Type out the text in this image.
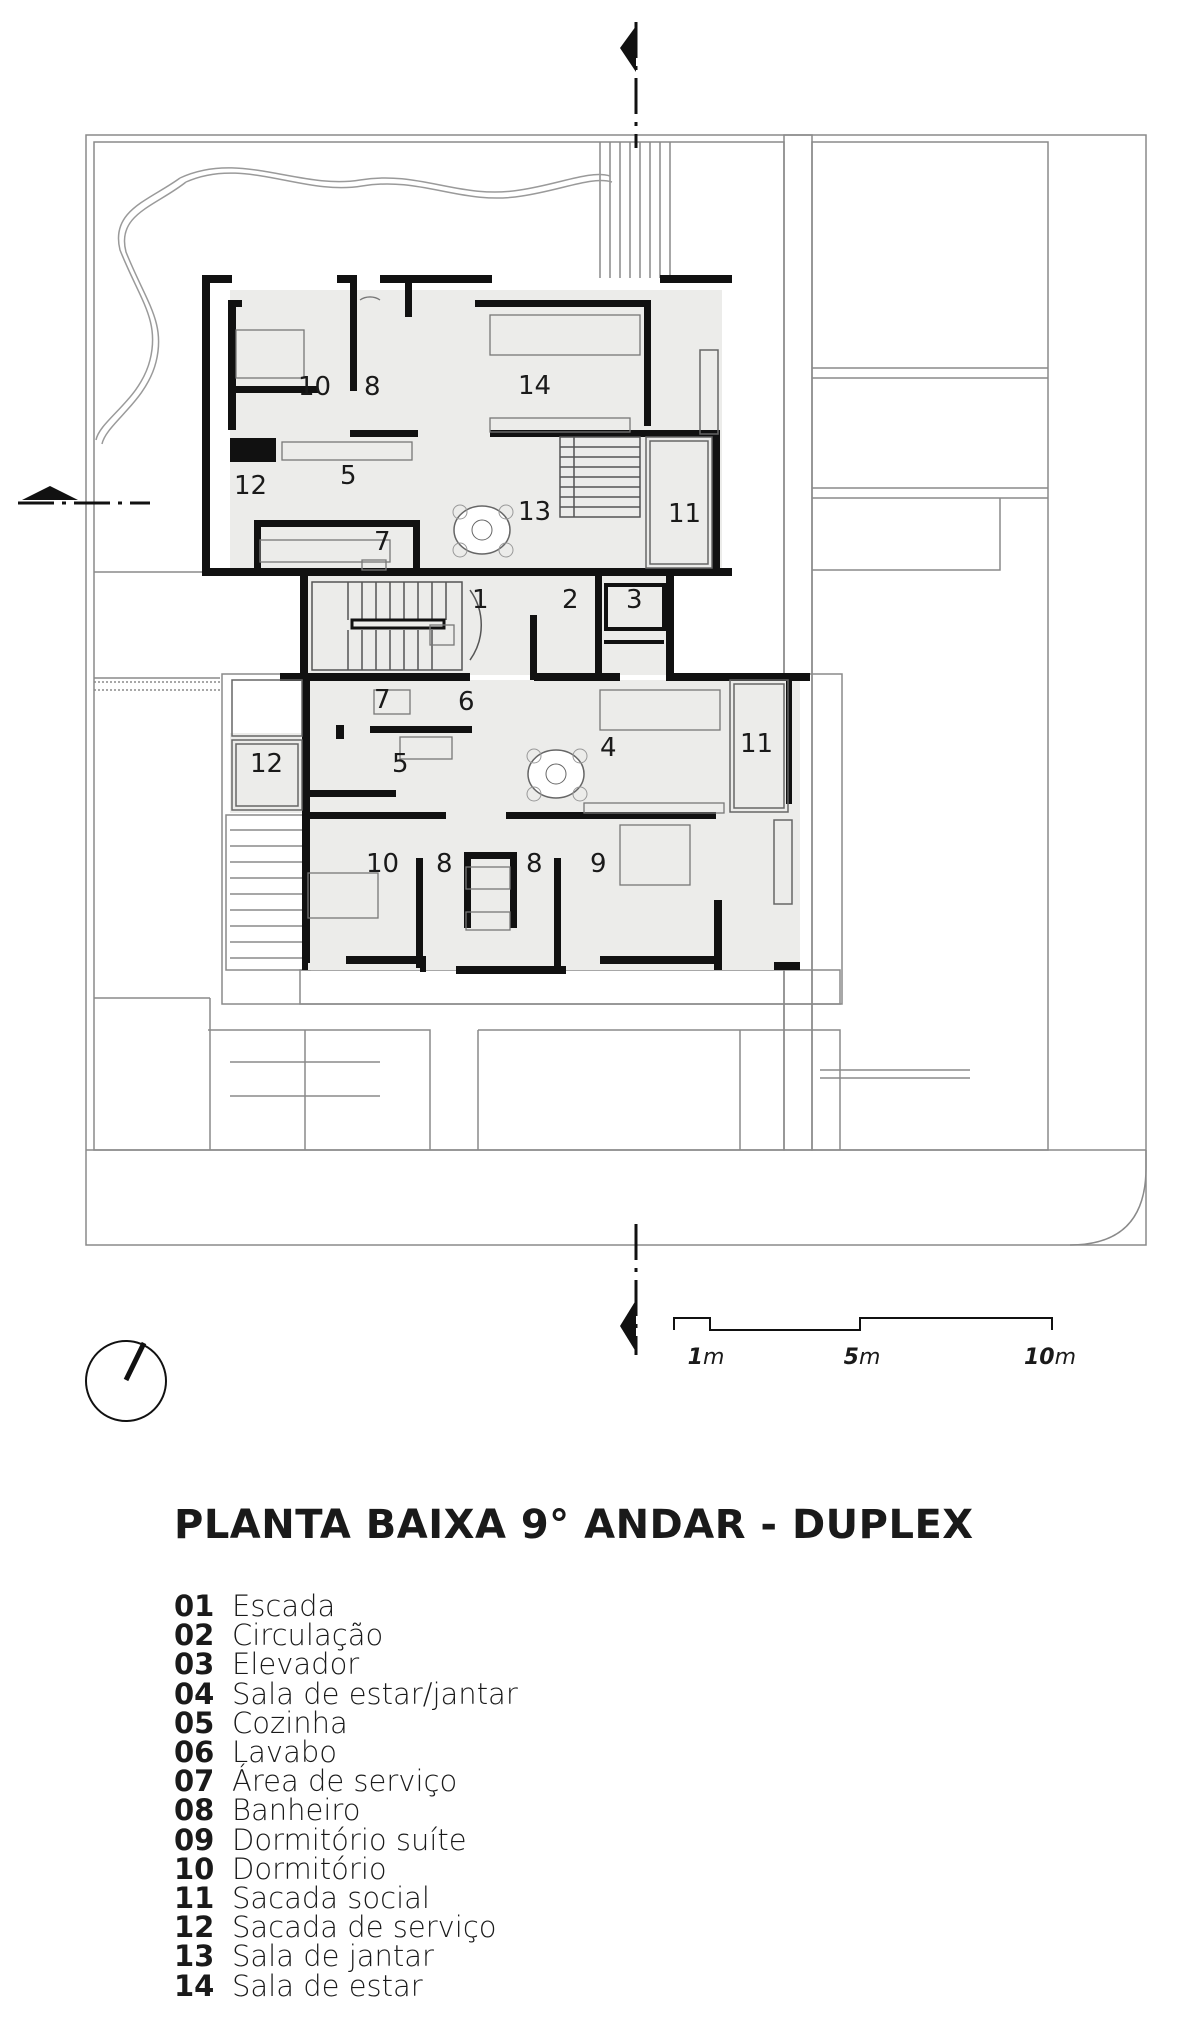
10 8	14
12	5
13	11
7
1	2 3
7	6
4	11
12	5
10 8	8 9
1m	5m	10m
PLANTA BAIXA 9° ANDAR - DUPLEX
01 Escada
02 Circulação
03 Elevador
04 Sala de estar/jantar
05 Cozinha
06 Lavabo
07 Área de serviço
08 Banheiro
09 Dormitório suíte
10 Dormitório
11 Sacada social
12 Sacada de serviço
13 Sala de jantar
14 Sala de estar
